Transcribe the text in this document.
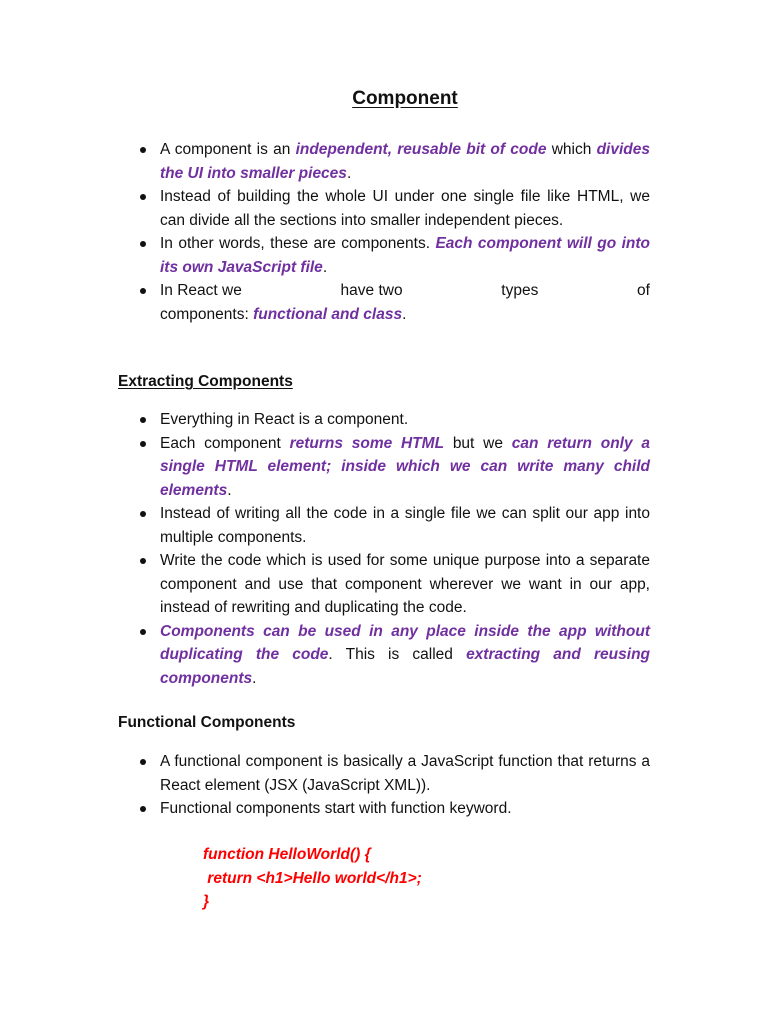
Component
A component is an independent, reusable bit of code which divides the UI into smaller pieces.
Instead of building the whole UI under one single file like HTML, we can divide all the sections into smaller independent pieces.
In other words, these are components. Each component will go into its own JavaScript file.
In React we	have two	types	of
components: functional and class.
Extracting Components
Everything in React is a component.
Each component returns some HTML but we can return only a single HTML element; inside which we can write many child elements.
Instead of writing all the code in a single file we can split our app into multiple components.
Write the code which is used for some unique purpose into a separate component and use that component wherever we want in our app, instead of rewriting and duplicating the code.
Components can be used in any place inside the app without duplicating the code. This is called extracting and reusing components.
Functional Components
A functional component is basically a JavaScript function that returns a React element (JSX (JavaScript XML)).
Functional components start with function keyword.
function HelloWorld() {
return <h1>Hello world</h1>;
}
